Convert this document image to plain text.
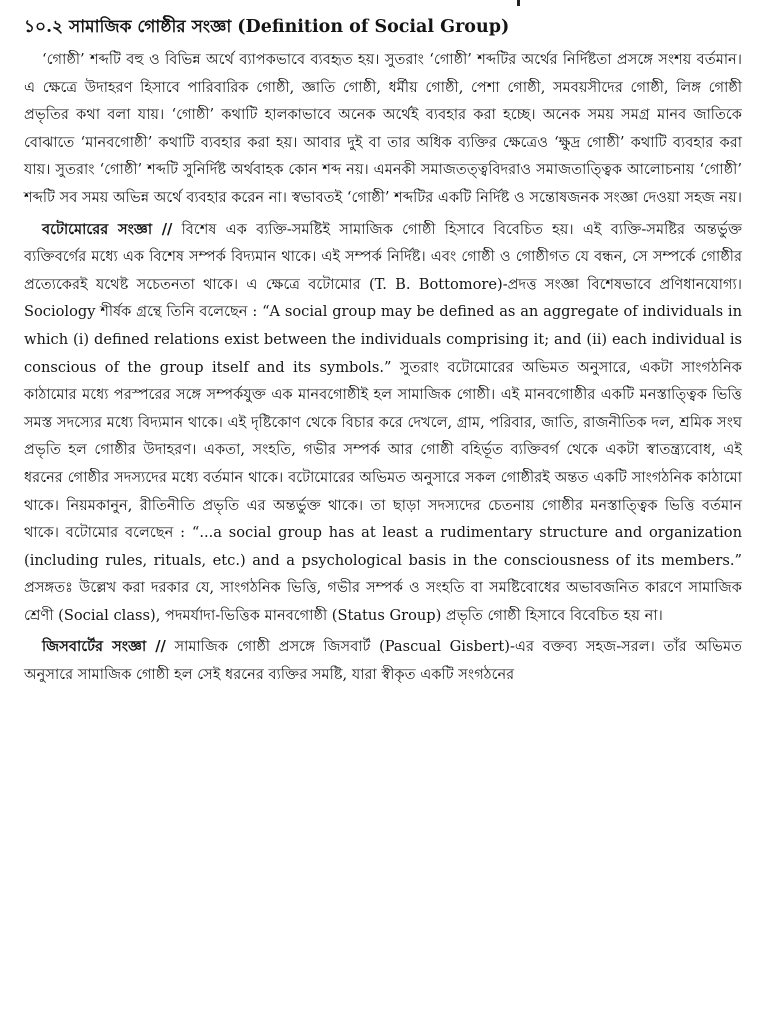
১০.২ সামাজিক গোষ্ঠীর সংজ্ঞা (Definition of Social Group)

‘গোষ্ঠী’ শব্দটি বহু ও বিভিন্ন অর্থে ব্যাপকভাবে ব্যবহৃত হয়। সুতরাং ‘গোষ্ঠী’ শব্দটির অর্থের নির্দিষ্টতা প্রসঙ্গে সংশয় বর্তমান। এ ক্ষেত্রে উদাহরণ হিসাবে পারিবারিক গোষ্ঠী, জ্ঞাতি গোষ্ঠী, ধর্মীয় গোষ্ঠী, পেশা গোষ্ঠী, সমবয়সীদের গোষ্ঠী, লিঙ্গ গোষ্ঠী প্রভৃতির কথা বলা যায়। ‘গোষ্ঠী’ কথাটি হালকাভাবে অনেক অর্থেই ব্যবহার করা হচ্ছে। অনেক সময় সমগ্র মানব জাতিকে বোঝাতে ‘মানবগোষ্ঠী’ কথাটি ব্যবহার করা হয়। আবার দুই বা তার অধিক ব্যক্তির ক্ষেত্রেও ‘ক্ষুদ্র গোষ্ঠী’ কথাটি ব্যবহার করা যায়। সুতরাং ‘গোষ্ঠী’ শব্দটি সুনির্দিষ্ট অর্থবাহক কোন শব্দ নয়। এমনকী সমাজতত্ত্ববিদরাও সমাজতাত্ত্বিক আলোচনায় ‘গোষ্ঠী’ শব্দটি সব সময় অভিন্ন অর্থে ব্যবহার করেন না। স্বভাবতই ‘গোষ্ঠী’ শব্দটির একটি নির্দিষ্ট ও সন্তোষজনক সংজ্ঞা দেওয়া সহজ নয়।

বটোমোরের সংজ্ঞা // বিশেষ এক ব্যক্তি-সমষ্টিই সামাজিক গোষ্ঠী হিসাবে বিবেচিত হয়। এই ব্যক্তি-সমষ্টির অন্তর্ভুক্ত ব্যক্তিবর্গের মধ্যে এক বিশেষ সম্পর্ক বিদ্যমান থাকে। এই সম্পর্ক নির্দিষ্ট। এবং গোষ্ঠী ও গোষ্ঠীগত যে বন্ধন, সে সম্পর্কে গোষ্ঠীর প্রত্যেকেরই যথেষ্ট সচেতনতা থাকে। এ ক্ষেত্রে বটোমোর (T. B. Bottomore)-প্রদত্ত সংজ্ঞা বিশেষভাবে প্রণিধানযোগ্য। Sociology শীর্ষক গ্রন্থে তিনি বলেছেন : “A social group may be defined as an aggregate of individuals in which (i) defined relations exist between the individuals comprising it; and (ii) each individual is conscious of the group itself and its symbols.” সুতরাং বটোমোরের অভিমত অনুসারে, একটা সাংগঠনিক কাঠামোর মধ্যে পরস্পরের সঙ্গে সম্পর্কযুক্ত এক মানবগোষ্ঠীই হল সামাজিক গোষ্ঠী। এই মানবগোষ্ঠীর একটি মনস্তাত্ত্বিক ভিত্তি সমস্ত সদস্যের মধ্যে বিদ্যমান থাকে। এই দৃষ্টিকোণ থেকে বিচার করে দেখলে, গ্রাম, পরিবার, জাতি, রাজনীতিক দল, শ্রমিক সংঘ প্রভৃতি হল গোষ্ঠীর উদাহরণ। একতা, সংহতি, গভীর সম্পর্ক আর গোষ্ঠী বহির্ভূত ব্যক্তিবর্গ থেকে একটা স্বাতন্ত্র্যবোধ, এই ধরনের গোষ্ঠীর সদস্যদের মধ্যে বর্তমান থাকে। বটোমোরের অভিমত অনুসারে সকল গোষ্ঠীরই অন্তত একটি সাংগঠনিক কাঠামো থাকে। নিয়মকানুন, রীতিনীতি প্রভৃতি এর অন্তর্ভুক্ত থাকে। তা ছাড়া সদস্যদের চেতনায় গোষ্ঠীর মনস্তাত্ত্বিক ভিত্তি বর্তমান থাকে। বটোমোর বলেছেন : “...a social group has at least a rudimentary structure and organization (including rules, rituals, etc.) and a psychological basis in the consciousness of its members.” প্রসঙ্গতঃ উল্লেখ করা দরকার যে, সাংগঠনিক ভিত্তি, গভীর সম্পর্ক ও সংহতি বা সমষ্টিবোধের অভাবজনিত কারণে সামাজিক শ্রেণী (Social class), পদমর্যাদা-ভিত্তিক মানবগোষ্ঠী (Status Group) প্রভৃতি গোষ্ঠী হিসাবে বিবেচিত হয় না।

জিসবার্টের সংজ্ঞা // সামাজিক গোষ্ঠী প্রসঙ্গে জিসবার্ট (Pascual Gisbert)-এর বক্তব্য সহজ-সরল। তাঁর অভিমত অনুসারে সামাজিক গোষ্ঠী হল সেই ধরনের ব্যক্তির সমষ্টি, যারা স্বীকৃত একটি সংগঠনের
